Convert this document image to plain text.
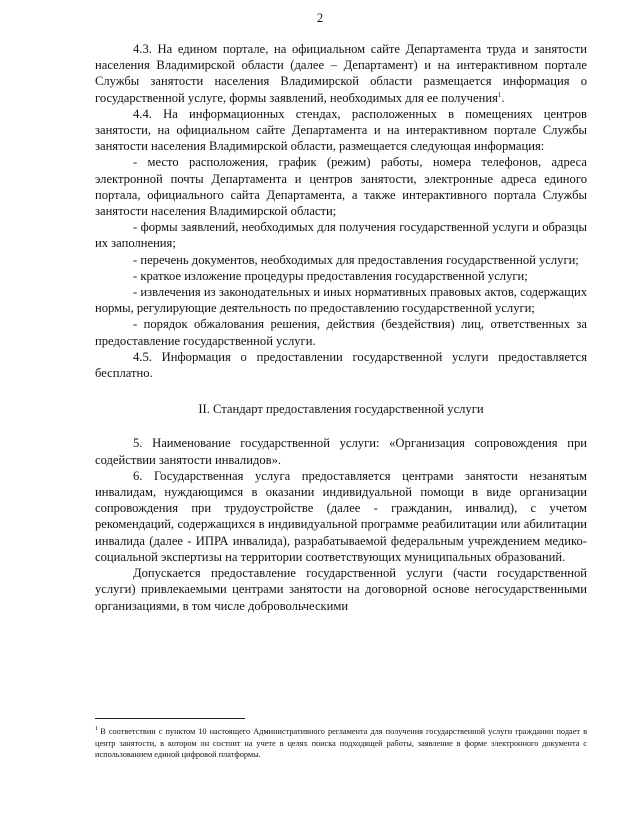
2

4.3. На едином портале, на официальном сайте Департамента труда и занятости населения Владимирской области (далее – Департамент) и на интерактивном портале Службы занятости населения Владимирской области размещается информация о государственной услуге, формы заявлений, необходимых для ее получения$^1$.

4.4. На информационных стендах, расположенных в помещениях центров занятости, на официальном сайте Департамента и на интерактивном портале Службы занятости населения Владимирской области, размещается следующая информация:

- место расположения, график (режим) работы, номера телефонов, адреса электронной почты Департамента и центров занятости, электронные адреса единого портала, официального сайта Департамента, а также интерактивного портала Службы занятости населения Владимирской области;

- формы заявлений, необходимых для получения государственной услуги и образцы их заполнения;

- перечень документов, необходимых для предоставления государственной услуги;

- краткое изложение процедуры предоставления государственной услуги;

- извлечения из законодательных и иных нормативных правовых актов, содержащих нормы, регулирующие деятельность по предоставлению государственной услуги;

- порядок обжалования решения, действия (бездействия) лиц, ответственных за предоставление государственной услуги.

4.5. Информация о предоставлении государственной услуги предоставляется бесплатно.

II. Стандарт предоставления государственной услуги

5. Наименование государственной услуги: «Организация сопровождения при содействии занятости инвалидов».

6. Государственная услуга предоставляется центрами занятости незанятым инвалидам, нуждающимся в оказании индивидуальной помощи в виде организации сопровождения при трудоустройстве (далее - гражданин, инвалид), с учетом рекомендаций, содержащихся в индивидуальной программе реабилитации или абилитации инвалида (далее - ИПРА инвалида), разрабатываемой федеральным учреждением медико-социальной экспертизы на территории соответствующих муниципальных образований.

Допускается предоставление государственной услуги (части государственной услуги) привлекаемыми центрами занятости на договорной основе негосударственными организациями, в том числе добровольческими

$^1$ В соответствии с пунктом 10 настоящего Административного регламента для получения государственной услуги гражданин подает в центр занятости, в котором он состоит на учете в целях поиска подходящей работы, заявление в форме электронного документа с использованием единой цифровой платформы.
